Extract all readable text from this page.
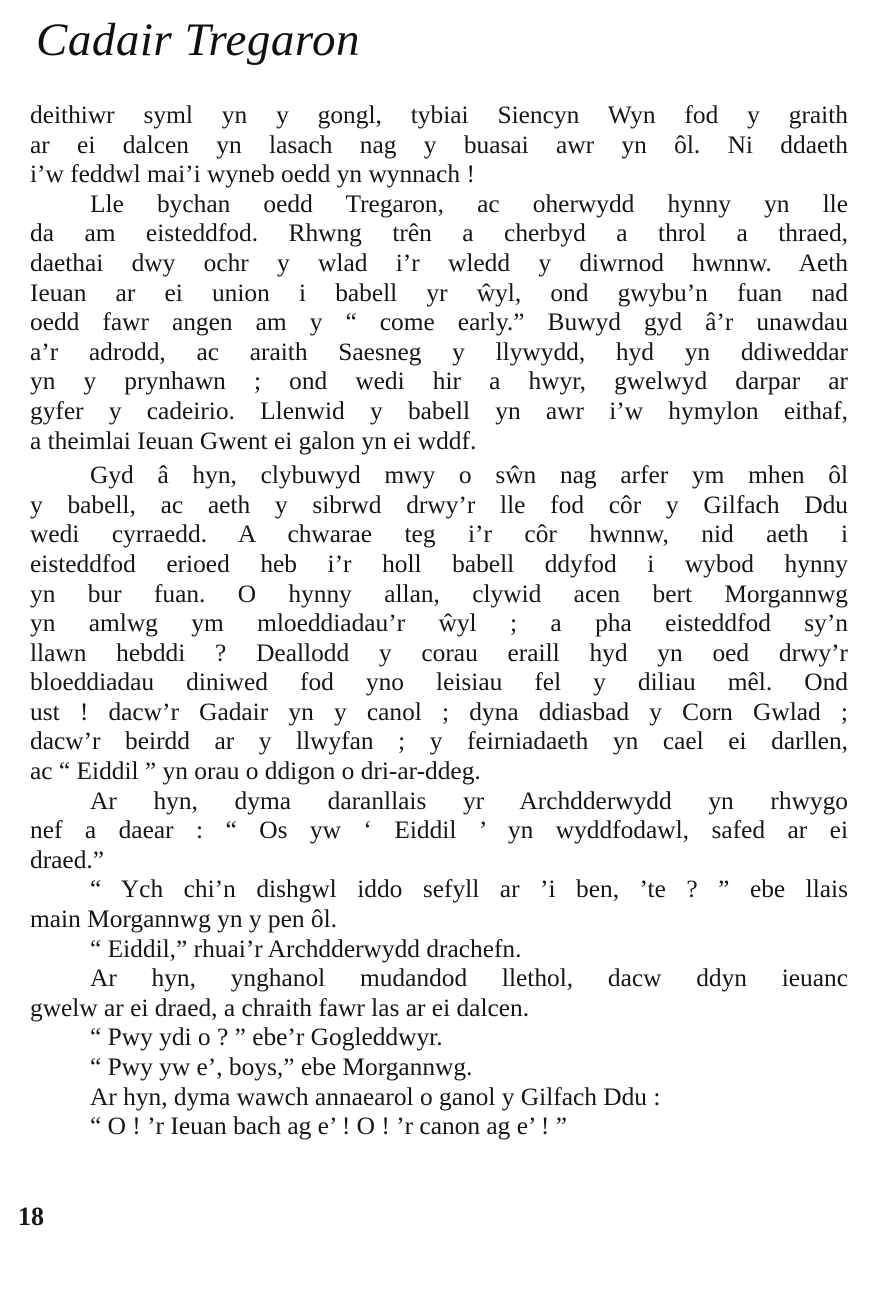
Cadair Tregaron
deithiwr syml yn y gongl, tybiai Siencyn Wyn fod y graith
ar ei dalcen yn lasach nag y buasai awr yn ôl. Ni ddaeth
i’w feddwl mai’i wyneb oedd yn wynnach !
Lle bychan oedd Tregaron, ac oherwydd hynny yn lle
da am eisteddfod. Rhwng trên a cherbyd a throl a thraed,
daethai dwy ochr y wlad i’r wledd y diwrnod hwnnw. Aeth
Ieuan ar ei union i babell yr ŵyl, ond gwybu’n fuan nad
oedd fawr angen am y “ come early.” Buwyd gyd â’r unawdau
a’r adrodd, ac araith Saesneg y llywydd, hyd yn ddiweddar
yn y prynhawn ; ond wedi hir a hwyr, gwelwyd darpar ar
gyfer y cadeirio. Llenwid y babell yn awr i’w hymylon eithaf,
a theimlai Ieuan Gwent ei galon yn ei wddf.
Gyd â hyn, clybuwyd mwy o sŵn nag arfer ym mhen ôl
y babell, ac aeth y sibrwd drwy’r lle fod côr y Gilfach Ddu
wedi cyrraedd. A chwarae teg i’r côr hwnnw, nid aeth i
eisteddfod erioed heb i’r holl babell ddyfod i wybod hynny
yn bur fuan. O hynny allan, clywid acen bert Morgannwg
yn amlwg ym mloeddiadau’r ŵyl ; a pha eisteddfod sy’n
llawn hebddi ? Deallodd y corau eraill hyd yn oed drwy’r
bloeddiadau diniwed fod yno leisiau fel y diliau mêl. Ond
ust ! dacw’r Gadair yn y canol ; dyna ddiasbad y Corn Gwlad ;
dacw’r beirdd ar y llwyfan ; y feirniadaeth yn cael ei darllen,
ac “ Eiddil ” yn orau o ddigon o dri-ar-ddeg.
Ar hyn, dyma daranllais yr Archdderwydd yn rhwygo
nef a daear : “ Os yw ‘ Eiddil ’ yn wyddfodawl, safed ar ei
draed.”
“ Ych chi’n dishgwl iddo sefyll ar ’i ben, ’te ? ” ebe llais
main Morgannwg yn y pen ôl.
“ Eiddil,” rhuai’r Archdderwydd drachefn.
Ar hyn, ynghanol mudandod llethol, dacw ddyn ieuanc
gwelw ar ei draed, a chraith fawr las ar ei dalcen.
“ Pwy ydi o ? ” ebe’r Gogleddwyr.
“ Pwy yw e’, boys,” ebe Morgannwg.
Ar hyn, dyma wawch annaearol o ganol y Gilfach Ddu :
“ O ! ’r Ieuan bach ag e’ ! O ! ’r canon ag e’ ! ”
18
